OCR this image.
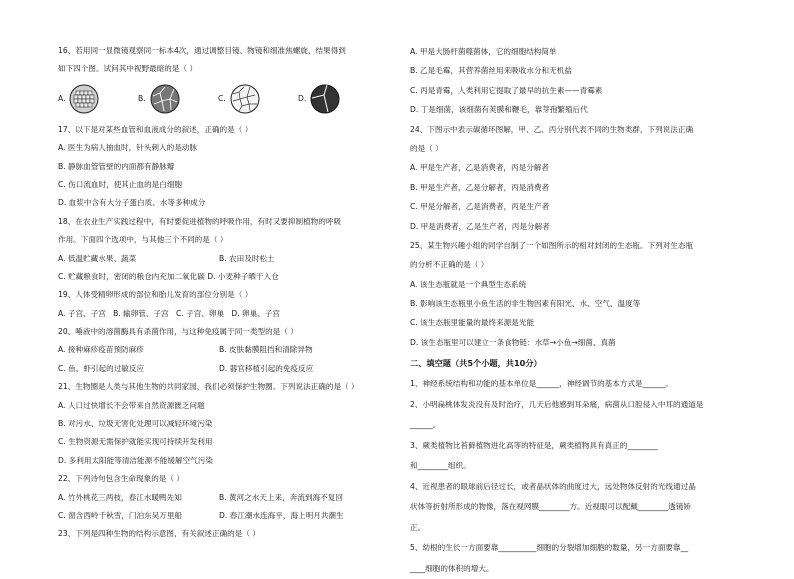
16、若用同一显微镜观察同一标本4次，通过调整目镜、物镜和细准焦螺旋，结果得到
如下四个图。试问其中视野最暗的是（ ）
A.	B.	C.	D.
17、以下是对某些血管和血液成分的叙述，正确的是（ ）
A. 医生为病人抽血时，针头刺入的是动脉
B. 静脉血管管壁的内面都有静脉瓣
C. 伤口流血时，使其止血的是白细胞
D. 血浆中含有大分子蛋白质、水等多种成分
18、在农业生产实践过程中，有时要促进植物的呼吸作用，有时又要抑制植物的呼吸
作用。下面四个选项中，与其他三个不同的是（ ）
A. 低温贮藏水果、蔬菜	B. 农田及时松土
C. 贮藏粮食时，密闭的粮仓内充加二氧化碳 D. 小麦种子晒干入仓
19、人体受精卵形成的部位和胎儿发育的部位分别是（ ）
A. 子宫、子宫 B. 输卵管、子宫 C. 子宫、卵巢 D. 卵巢、子宫
20、唾液中的溶菌酶具有杀菌作用，与这种免疫属于同一类型的是（ ）
A. 接种麻疹疫苗预防麻疹	B. 皮肤黏膜阻挡和清除异物
C. 鱼、虾引起的过敏反应	D. 器官移植引起的免疫反应
21、生物圈是人类与其他生物的共同家园，我们必须保护生物圈。下列说法正确的是（ ）
A. 人口过快增长不会带来自然资源匮乏问题
B. 对污水、垃圾无害化处理可以减轻环境污染
C. 生物资源无需保护就能实现可持续开发利用
D. 多利用太阳能等清洁能源不能缓解空气污染
22、下列诗句包含生命现象的是（ ）
A. 竹外桃花三两枝，春江水暖鸭先知	B. 黄河之水天上来，奔流到海不复回
C. 窗含西岭千秋雪，门泊东吴万里船	D. 春江潮水连海平，海上明月共潮生
23、下列是四种生物的结构示意图，有关叙述正确的是（ ）
A. 甲是大肠杆菌噬菌体，它的细胞结构简单
B. 乙是毛霉，其营养菌丝用来吸收水分和无机盐
C. 丙是青霉，人类利用它提取了最早的抗生素——青霉素
D. 丁是细菌，该细菌有荚膜和鞭毛，靠芽孢繁殖后代
24、下图示中表示碳循环图解，甲、乙、丙分别代表不同的生物类群，下列说法正确
的是（ ）
A. 甲是生产者，乙是消费者，丙是分解者
B. 甲是生产者，乙是分解者，丙是消费者
C. 甲是分解者，乙是消费者，丙是生产者
D. 甲是消费者，乙是生产者，丙是分解者
25、某生物兴趣小组的同学自制了一个如图所示的相对封闭的生态瓶。下列对生态瓶
的分析不正确的是（ ）
A. 该生态瓶就是一个典型生态系统
B. 影响该生态瓶里小鱼生活的非生物因素有阳光、水、空气、温度等
C. 该生态瓶里能量的最终来源是光能
D. 该生态瓶里可以建立一条食物链：水草→小鱼→细菌、真菌
二、填空题（共5个小题，共10分）
1、神经系统结构和功能的基本单位是______，神经调节的基本方式是______。
2、小明扁桃体发炎没有及时治疗，几天后他感到耳朵痛，病菌从口腔侵入中耳的通道是
______。
3、蕨类植物比苔藓植物进化高等的特征是，蕨类植物具有真正的________
和________组织。
4、近视患者的眼球前后径过长，或者晶状体的曲度过大，远处物体反射的光线通过晶
状体等折射所形成的物像，落在视网膜________方。近视眼可以配戴________透镜矫
正。
5、幼根的生长一方面要靠__________细胞的分裂增加细胞的数量，另一方面要靠__
____细胞的体积的增大。
